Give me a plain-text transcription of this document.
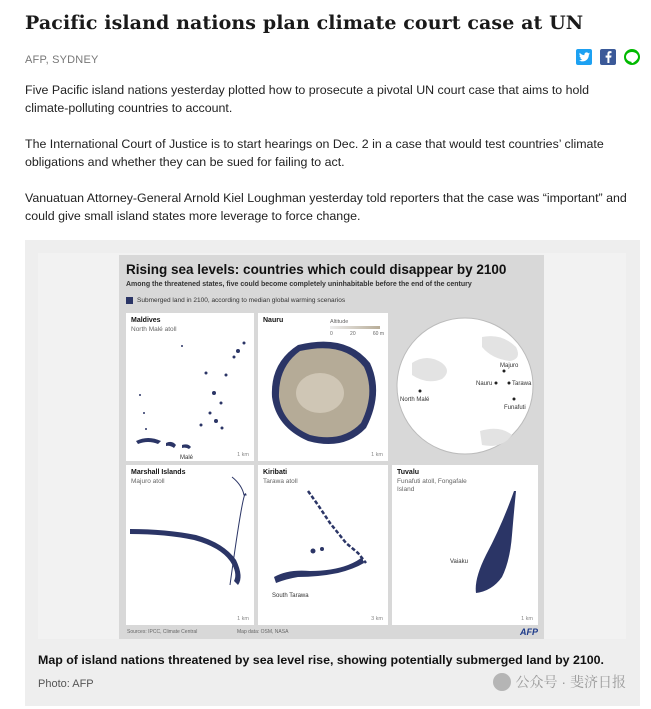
Pacific island nations plan climate court case at UN
AFP, SYDNEY

Five Pacific island nations yesterday plotted how to prosecute a pivotal UN court case that aims to hold climate-polluting countries to account.

The International Court of Justice is to start hearings on Dec. 2 in a case that would test countries’ climate obligations and whether they can be sued for failing to act.

Vanuatuan Attorney-General Arnold Kiel Loughman yesterday told reporters that the case was “important” and could give small island states more leverage to force change.

Rising sea levels: countries which could disappear by 2100
Among the threatened states, five could become completely uninhabitable before the end of the century
Submerged land in 2100, according to median global warming scenarios
Maldives
North Malé atoll
Malé	1 km
Nauru	Altitude
0	20	60 m
1 km
Majuro
Nauru	Tarawa
North Malé
Funafuti
Marshall Islands
Majuro atoll
1 km
Kiribati
Tarawa atoll
South Tarawa
3 km
Tuvalu
Funafuti atoll, Fongafale Island
Vaiaku
1 km
Sources: IPCC, Climate Central	Map data: OSM, NASA	AFP

Map of island nations threatened by sea level rise, showing potentially submerged land by 2100.

Photo: AFP	公众号 · 斐济日报
